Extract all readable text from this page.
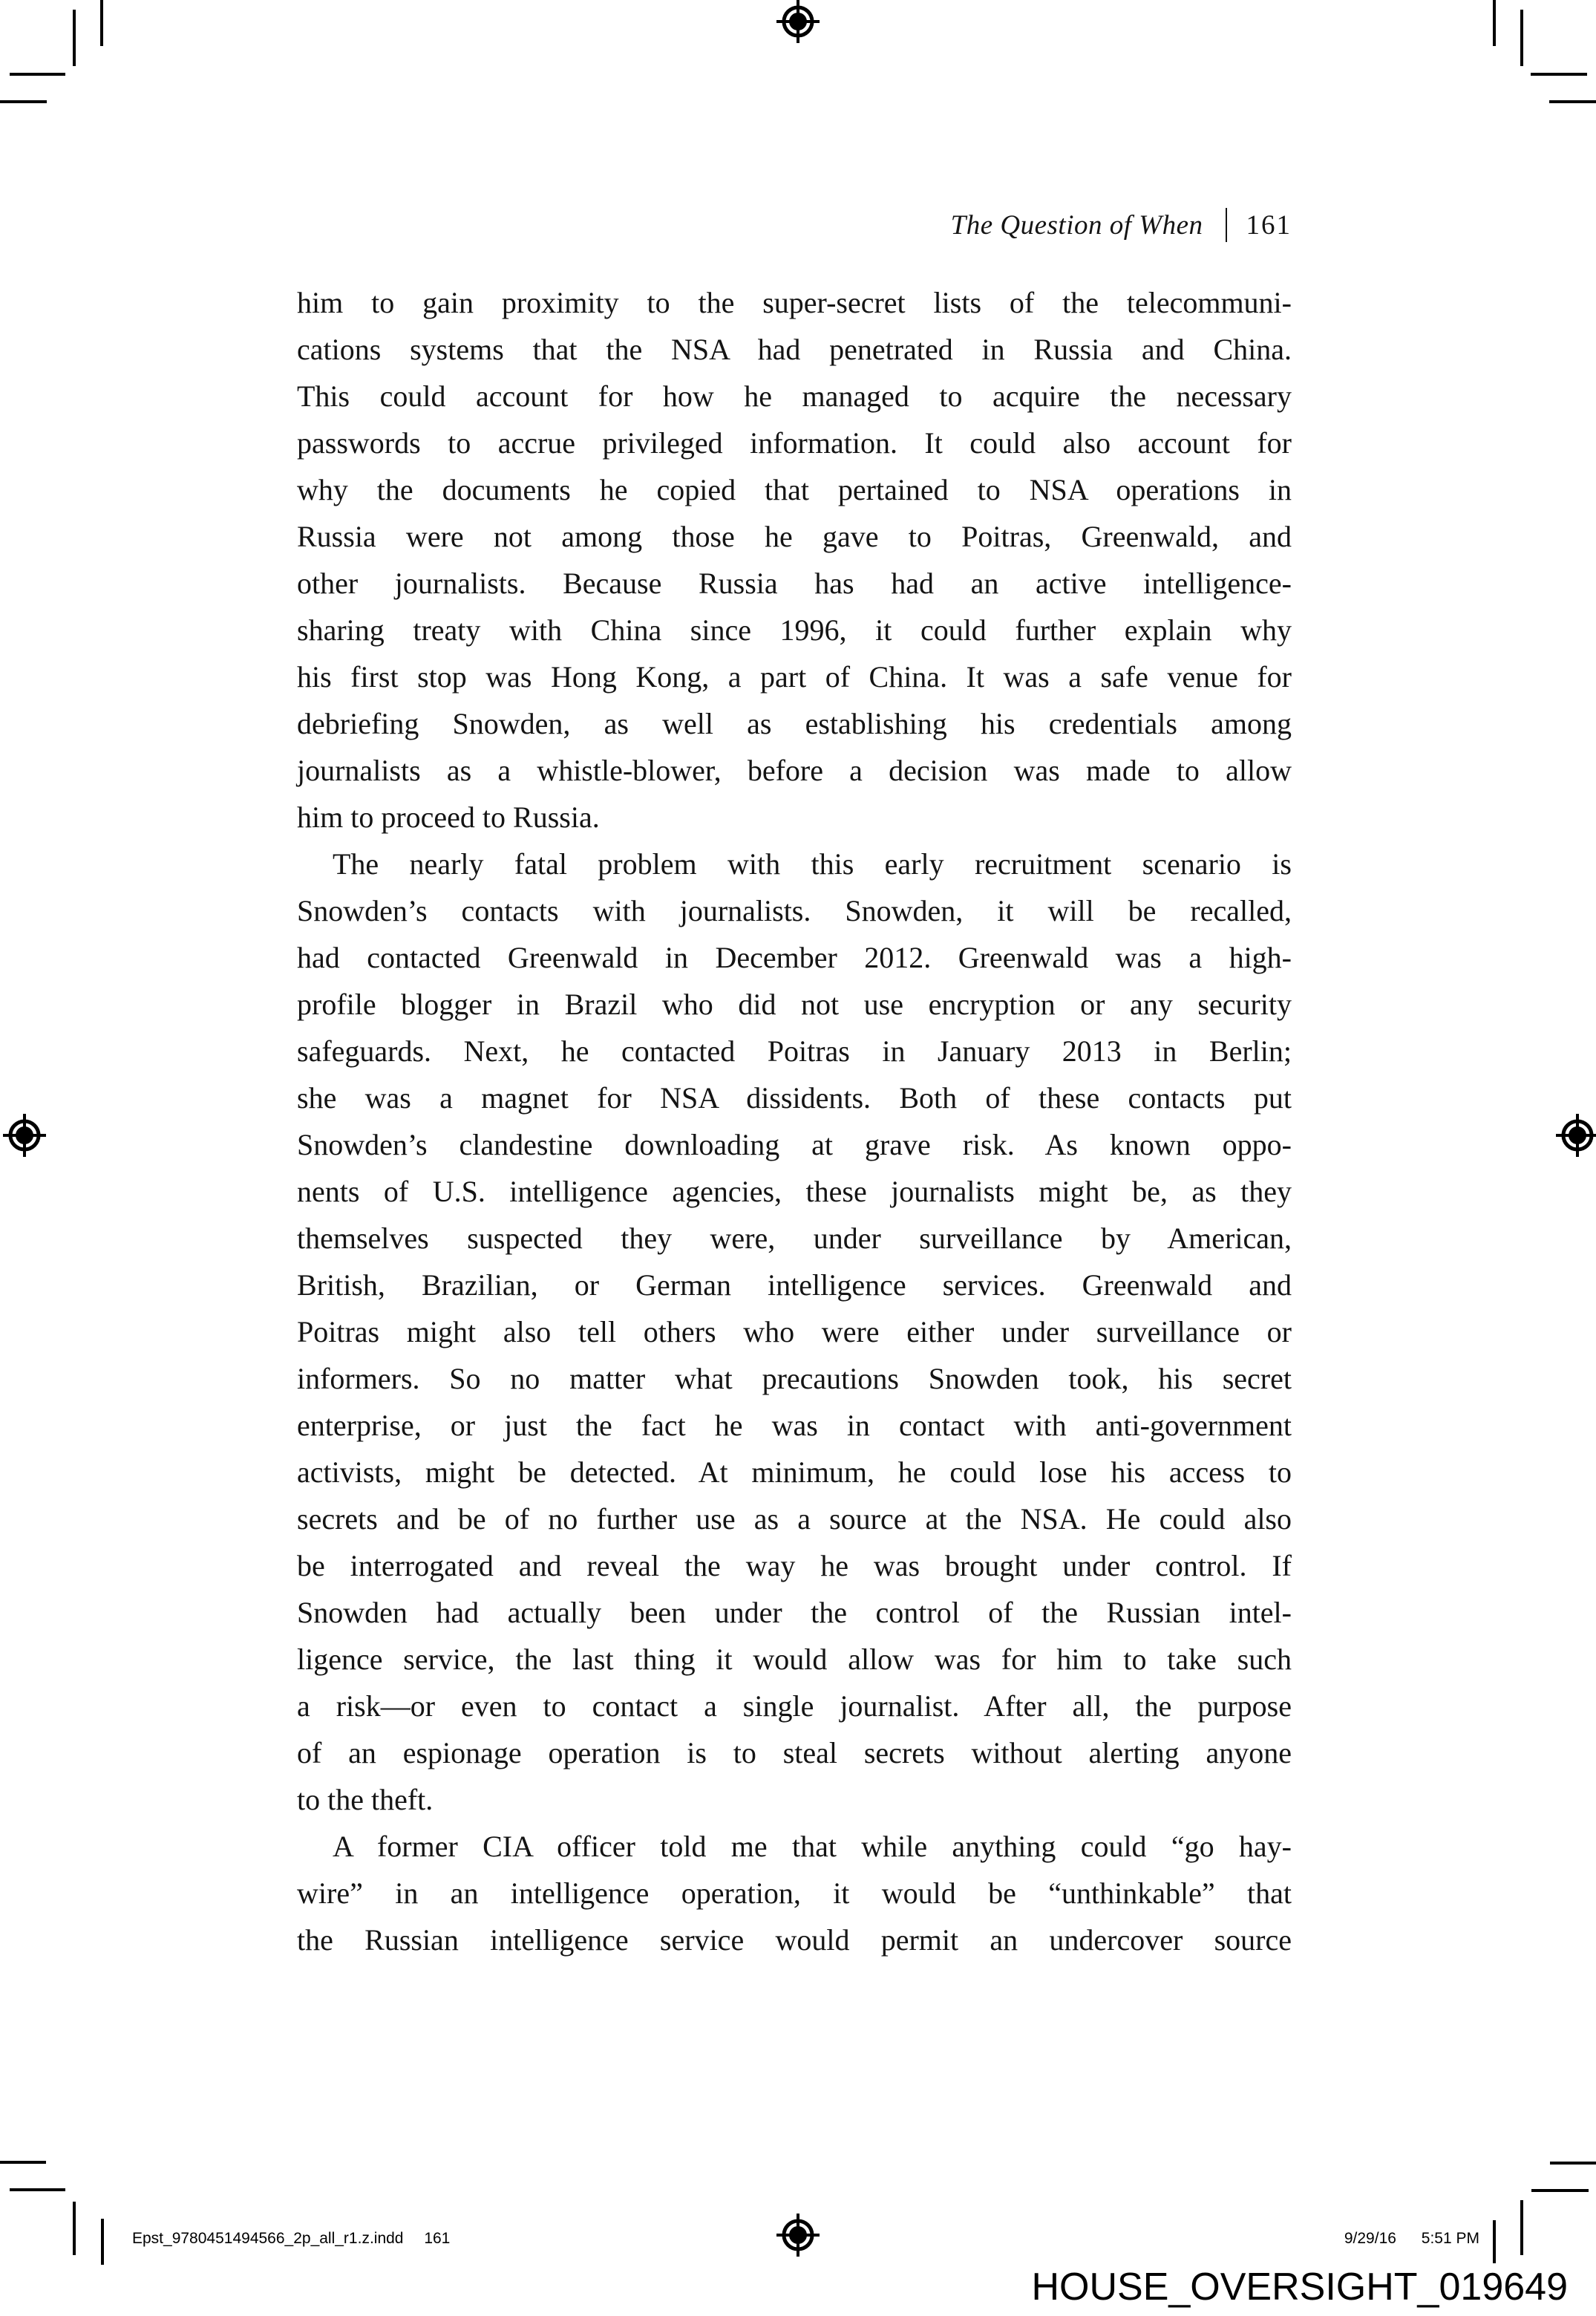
The Question of When 161
him to gain proximity to the super-secret lists of the telecommuni-
cations systems that the NSA had penetrated in Russia and China.
This could account for how he managed to acquire the necessary
passwords to accrue privileged information. It could also account for
why the documents he copied that pertained to NSA operations in
Russia were not among those he gave to Poitras, Greenwald, and
other journalists. Because Russia has had an active intelligence-
sharing treaty with China since 1996, it could further explain why
his first stop was Hong Kong, a part of China. It was a safe venue for
debriefing Snowden, as well as establishing his credentials among
journalists as a whistle-blower, before a decision was made to allow
him to proceed to Russia.
The nearly fatal problem with this early recruitment scenario is
Snowden’s contacts with journalists. Snowden, it will be recalled,
had contacted Greenwald in December 2012. Greenwald was a high-
profile blogger in Brazil who did not use encryption or any security
safeguards. Next, he contacted Poitras in January 2013 in Berlin;
she was a magnet for NSA dissidents. Both of these contacts put
Snowden’s clandestine downloading at grave risk. As known oppo-
nents of U.S. intelligence agencies, these journalists might be, as they
themselves suspected they were, under surveillance by American,
British, Brazilian, or German intelligence services. Greenwald and
Poitras might also tell others who were either under surveillance or
informers. So no matter what precautions Snowden took, his secret
enterprise, or just the fact he was in contact with anti-government
activists, might be detected. At minimum, he could lose his access to
secrets and be of no further use as a source at the NSA. He could also
be interrogated and reveal the way he was brought under control. If
Snowden had actually been under the control of the Russian intel-
ligence service, the last thing it would allow was for him to take such
a risk—or even to contact a single journalist. After all, the purpose
of an espionage operation is to steal secrets without alerting anyone
to the theft.
A former CIA officer told me that while anything could “go hay-
wire” in an intelligence operation, it would be “unthinkable” that
the Russian intelligence service would permit an undercover source
Epst_9780451494566_2p_all_r1.z.indd 161	9/29/16 5:51 PM
HOUSE_OVERSIGHT_019649
